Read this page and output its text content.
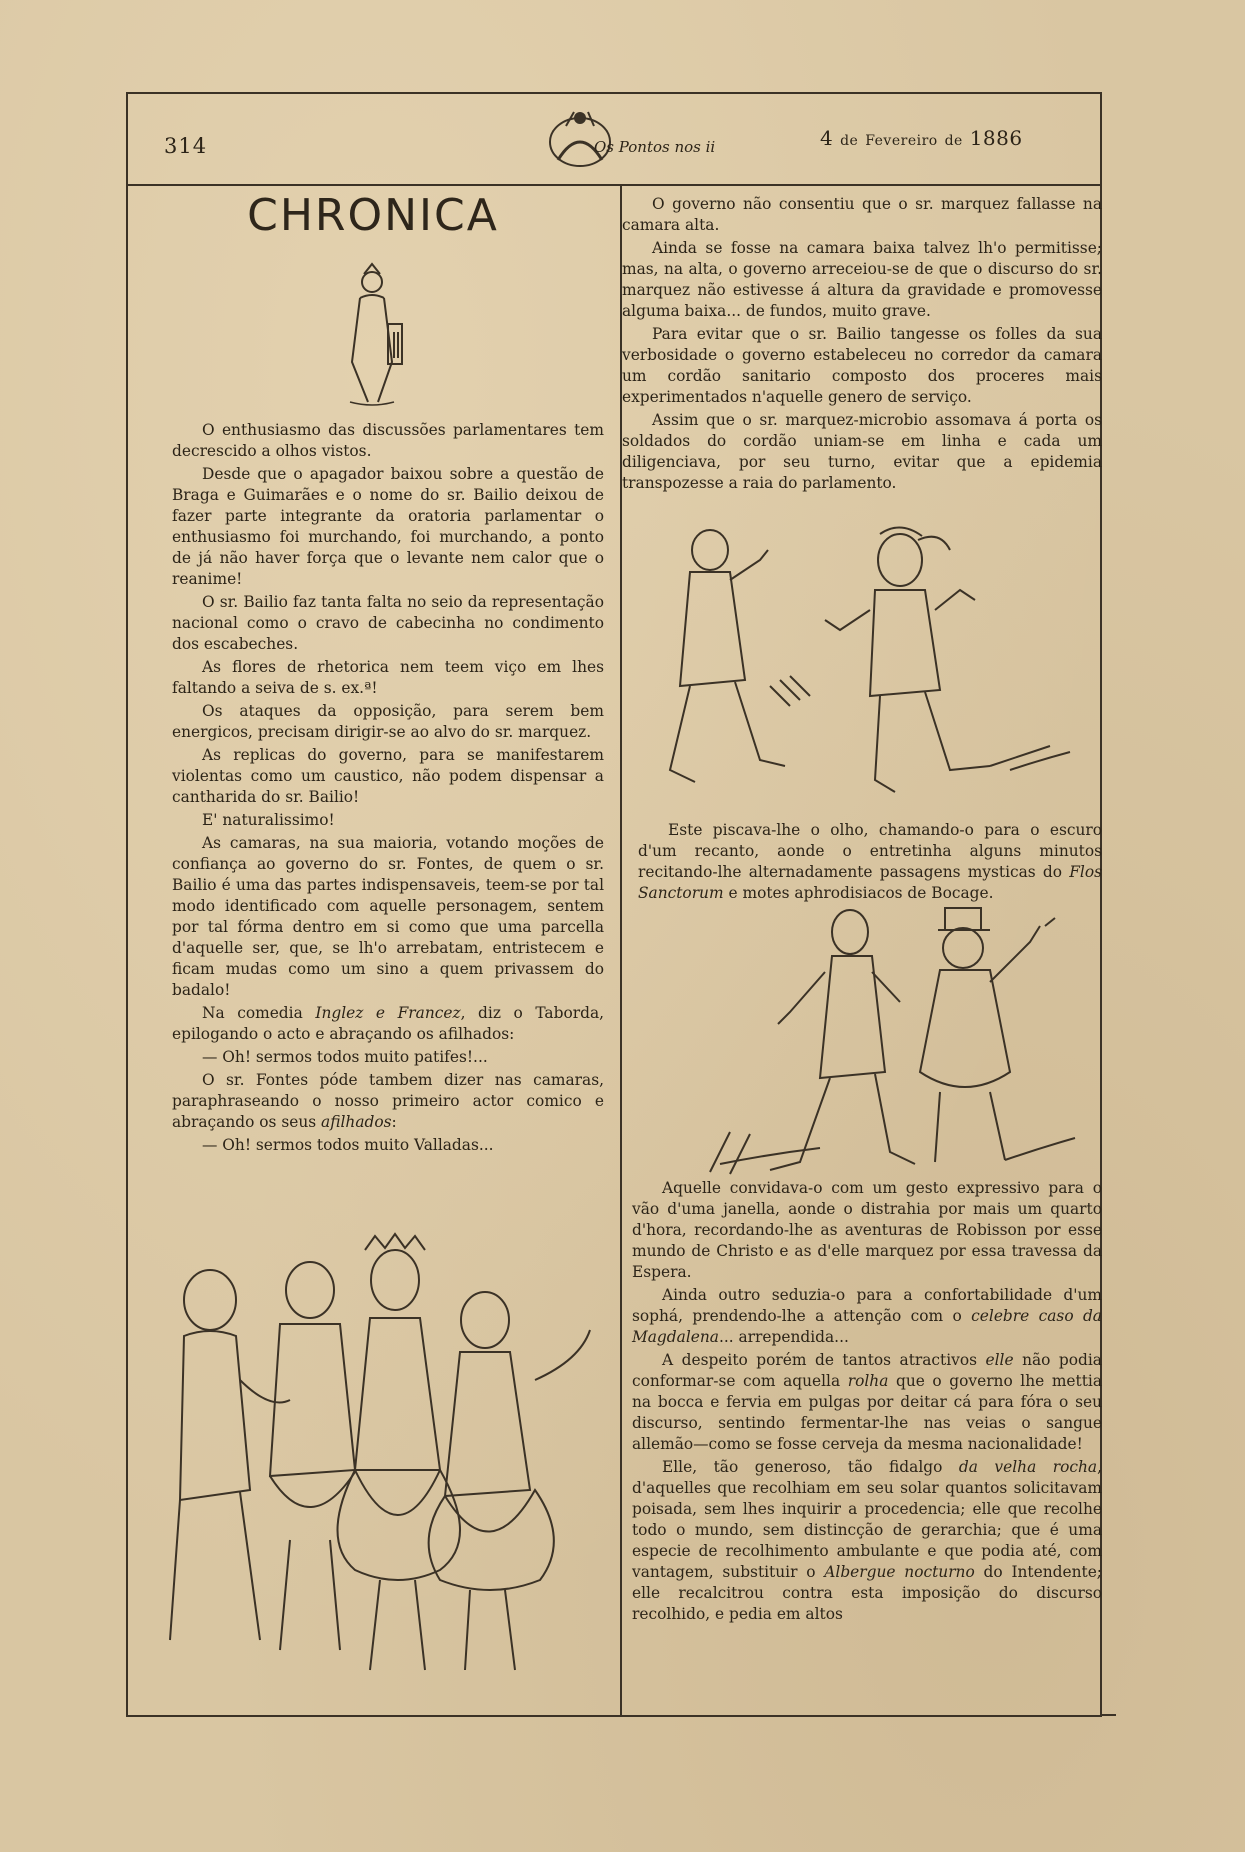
314	Os Pontos nos ii	4 de Fevereiro de 1886
CHRONICA

O enthusiasmo das discussões parlamentares tem decrescido a olhos vistos.

Desde que o apagador baixou sobre a questão de Braga e Guimarães e o nome do sr. Bailio deixou de fazer parte integrante da oratoria parlamentar o enthusiasmo foi murchando, foi murchando, a ponto de já não haver força que o levante nem calor que o reanime!

O sr. Bailio faz tanta falta no seio da representação nacional como o cravo de cabecinha no condimento dos escabeches.

As flores de rhetorica nem teem viço em lhes faltando a seiva de s. ex.ª!

Os ataques da opposição, para serem bem energicos, precisam dirigir-se ao alvo do sr. marquez.

As replicas do governo, para se manifestarem violentas como um caustico, não podem dispensar a cantharida do sr. Bailio!

E' naturalissimo!

As camaras, na sua maioria, votando moções de confiança ao governo do sr. Fontes, de quem o sr. Bailio é uma das partes indispensaveis, teem-se por tal modo identificado com aquelle personagem, sentem por tal fórma dentro em si como que uma parcella d'aquelle ser, que, se lh'o arrebatam, entristecem e ficam mudas como um sino a quem privassem do badalo!

Na comedia Inglez e Francez, diz o Taborda, epilogando o acto e abraçando os afilhados:

— Oh! sermos todos muito patifes!...

O sr. Fontes póde tambem dizer nas camaras, paraphraseando o nosso primeiro actor comico e abraçando os seus afilhados:

— Oh! sermos todos muito Valladas...

O governo não consentiu que o sr. marquez fallasse na camara alta.

Ainda se fosse na camara baixa talvez lh'o permitisse; mas, na alta, o governo arreceiou-se de que o discurso do sr. marquez não estivesse á altura da gravidade e promovesse alguma baixa... de fundos, muito grave.

Para evitar que o sr. Bailio tangesse os folles da sua verbosidade o governo estabeleceu no corredor da camara um cordão sanitario composto dos proceres mais experimentados n'aquelle genero de serviço.

Assim que o sr. marquez-microbio assomava á porta os soldados do cordão uniam-se em linha e cada um diligenciava, por seu turno, evitar que a epidemia transpozesse a raia do parlamento.

Este piscava-lhe o olho, chamando-o para o escuro d'um recanto, aonde o entretinha alguns minutos recitando-lhe alternadamente passagens mysticas do Flos Sanctorum e motes aphrodisiacos de Bocage.

Aquelle convidava-o com um gesto expressivo para o vão d'uma janella, aonde o distrahia por mais um quarto d'hora, recordando-lhe as aventuras de Robisson por esse mundo de Christo e as d'elle marquez por essa travessa da Espera.

Ainda outro seduzia-o para a confortabilidade d'um sophá, prendendo-lhe a attenção com o celebre caso da Magdalena... arrependida...

A despeito porém de tantos atractivos elle não podia conformar-se com aquella rolha que o governo lhe mettia na bocca e fervia em pulgas por deitar cá para fóra o seu discurso, sentindo fermentar-lhe nas veias o sangue allemão—como se fosse cerveja da mesma nacionalidade!

Elle, tão generoso, tão fidalgo da velha rocha, d'aquelles que recolhiam em seu solar quantos solicitavam poisada, sem lhes inquirir a procedencia; elle que recolhe todo o mundo, sem distincção de gerarchia; que é uma especie de recolhimento ambulante e que podia até, com vantagem, substituir o Albergue nocturno do Intendente; elle recalcitrou contra esta imposição do discurso recolhido, e pedia em altos
